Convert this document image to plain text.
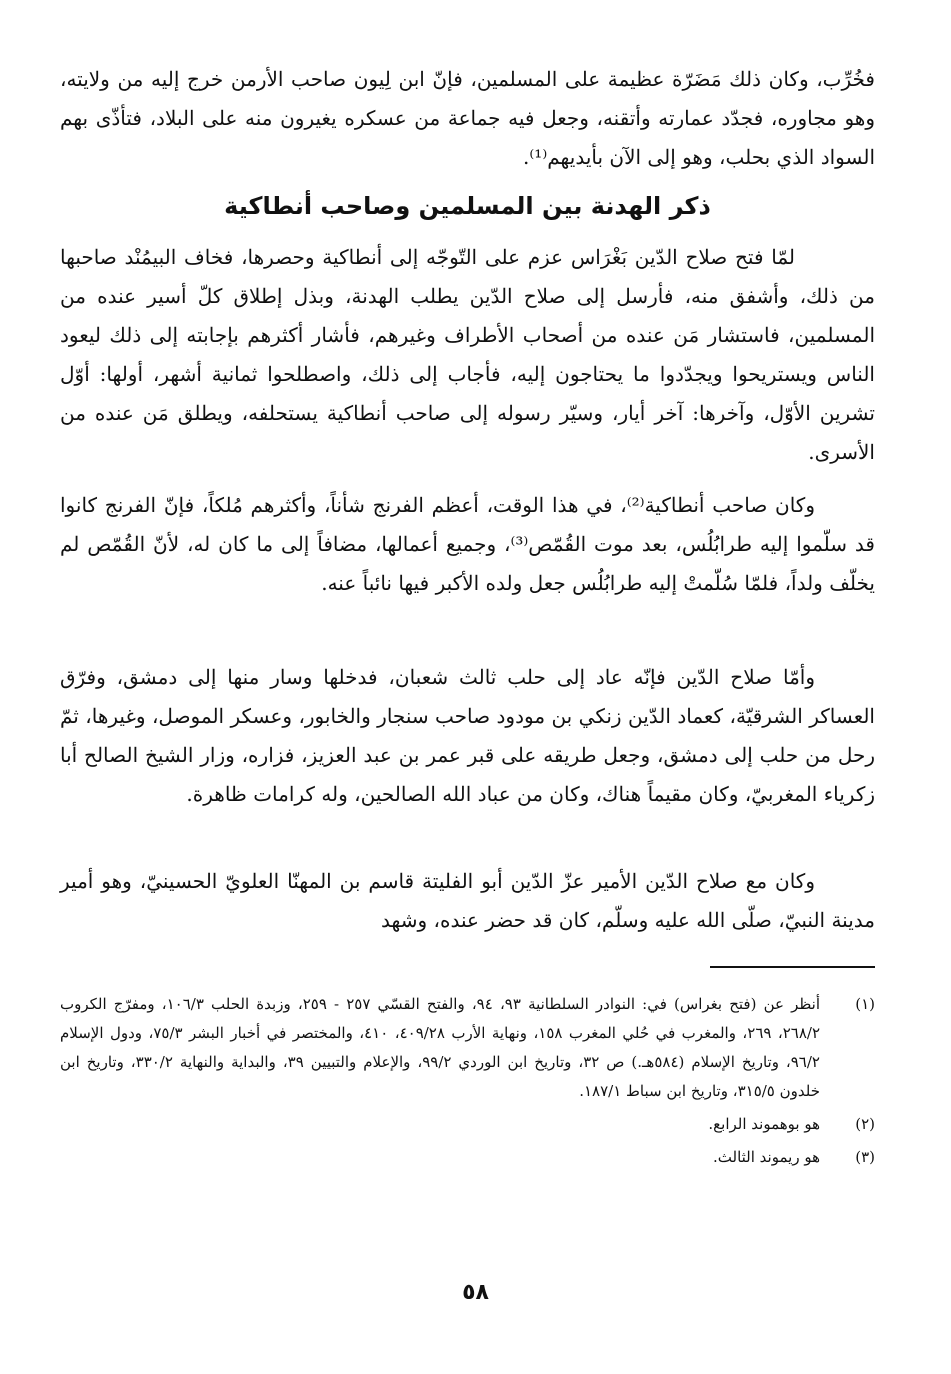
فخُرِّب، وكان ذلك مَضَرّة عظيمة على المسلمين، فإنّ ابن لِيون صاحب الأرمن خرج إليه من ولايته، وهو مجاوره، فجدّد عمارته وأتقنه، وجعل فيه جماعة من عسكره يغيرون منه على البلاد، فتأذّى بهم السواد الذي بحلب، وهو إلى الآن بأيديهم⁽¹⁾.

ذكر الهدنة بين المسلمين وصاحب أنطاكية

لمّا فتح صلاح الدّين بَغْرَاس عزم على التّوجّه إلى أنطاكية وحصرها، فخاف البيمُنْد صاحبها من ذلك، وأشفق منه، فأرسل إلى صلاح الدّين يطلب الهدنة، وبذل إطلاق كلّ أسير عنده من المسلمين، فاستشار مَن عنده من أصحاب الأطراف وغيرهم، فأشار أكثرهم بإجابته إلى ذلك ليعود الناس ويستريحوا ويجدّدوا ما يحتاجون إليه، فأجاب إلى ذلك، واصطلحوا ثمانية أشهر، أولها: أوّل تشرين الأوّل، وآخرها: آخر أيار، وسيّر رسوله إلى صاحب أنطاكية يستحلفه، ويطلق مَن عنده من الأسرى.

وكان صاحب أنطاكية⁽²⁾، في هذا الوقت، أعظم الفرنج شأناً، وأكثرهم مُلكاً، فإنّ الفرنج كانوا قد سلّموا إليه طرابُلُس، بعد موت القُمّص⁽³⁾، وجميع أعمالها، مضافاً إلى ما كان له، لأنّ القُمّص لم يخلّف ولداً، فلمّا سُلّمتْ إليه طرابُلُس جعل ولده الأكبر فيها نائباً عنه.

وأمّا صلاح الدّين فإنّه عاد إلى حلب ثالث شعبان، فدخلها وسار منها إلى دمشق، وفرّق العساكر الشرقيّة، كعماد الدّين زنكي بن مودود صاحب سنجار والخابور، وعسكر الموصل، وغيرها، ثمّ رحل من حلب إلى دمشق، وجعل طريقه على قبر عمر بن عبد العزيز، فزاره، وزار الشيخ الصالح أبا زكرياء المغربيّ، وكان مقيماً هناك، وكان من عباد الله الصالحين، وله كرامات ظاهرة.

وكان مع صلاح الدّين الأمير عزّ الدّين أبو الفليتة قاسم بن المهنّا العلويّ الحسينيّ، وهو أمير مدينة النبيّ، صلّى الله عليه وسلّم، كان قد حضر عنده، وشهد

(١)
أنظر عن (فتح بغراس) في: النوادر السلطانية ٩٣، ٩٤، والفتح القسّي ٢٥٧ - ٢٥٩، وزبدة الحلب ١٠٦/٣، ومفرّج الكروب ٢٦٨/٢، ٢٦٩، والمغرب في حُلي المغرب ١٥٨، ونهاية الأرب ٤٠٩/٢٨، ٤١٠، والمختصر في أخبار البشر ٧٥/٣، ودول الإسلام ٩٦/٢، وتاريخ الإسلام (٥٨٤هـ.) ص ٣٢، وتاريخ ابن الوردي ٩٩/٢، والإعلام والتبيين ٣٩، والبداية والنهاية ٣٣٠/٢، وتاريخ ابن خلدون ٣١٥/٥، وتاريخ ابن سباط ١٨٧/١.
(٢)
هو بوهموند الرابع.
(٣)
هو ريموند الثالث.
٥٨
